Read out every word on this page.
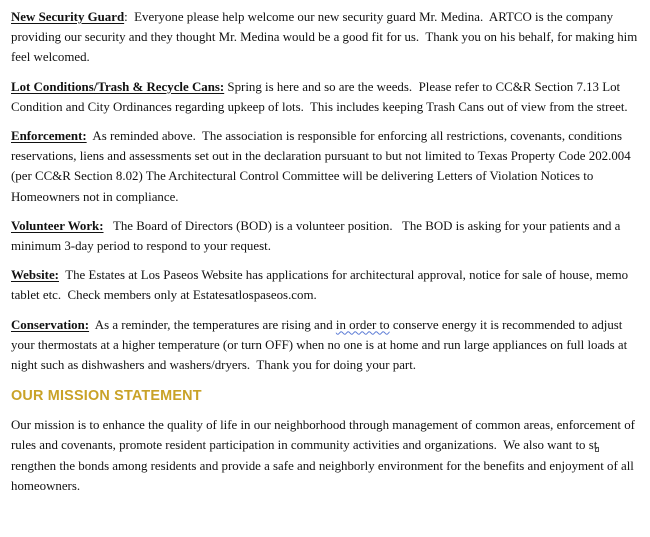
New Security Guard:  Everyone please help welcome our new security guard Mr. Medina.  ARTCO is the company providing our security and they thought Mr. Medina would be a good fit for us.  Thank you on his behalf, for making him feel welcomed.

Lot Conditions/Trash & Recycle Cans: Spring is here and so are the weeds.  Please refer to CC&R Section 7.13 Lot Condition and City Ordinances regarding upkeep of lots.  This includes keeping Trash Cans out of view from the street.

Enforcement:  As reminded above.  The association is responsible for enforcing all restrictions, covenants, conditions reservations, liens and assessments set out in the declaration pursuant to but not limited to Texas Property Code 202.004 (per CC&R Section 8.02) The Architectural Control Committee will be delivering Letters of Violation Notices to Homeowners not in compliance.

Volunteer Work:   The Board of Directors (BOD) is a volunteer position.   The BOD is asking for your patients and a minimum 3-day period to respond to your request.

Website:  The Estates at Los Paseos Website has applications for architectural approval, notice for sale of house, memo tablet etc.  Check members only at Estatesatlospaseos.com.

Conservation:  As a reminder, the temperatures are rising and in order to conserve energy it is recommended to adjust your thermostats at a higher temperature (or turn OFF) when no one is at home and run large appliances on full loads at night such as dishwashers and washers/dryers.  Thank you for doing your part.

OUR MISSION STATEMENT

Our mission is to enhance the quality of life in our neighborhood through management of common areas, enforcement of rules and covenants, promote resident participation in community activities and organizations.  We also want to strengthen the bonds among residents and provide a safe and neighborly environment for the benefits and enjoyment of all homeowners.
